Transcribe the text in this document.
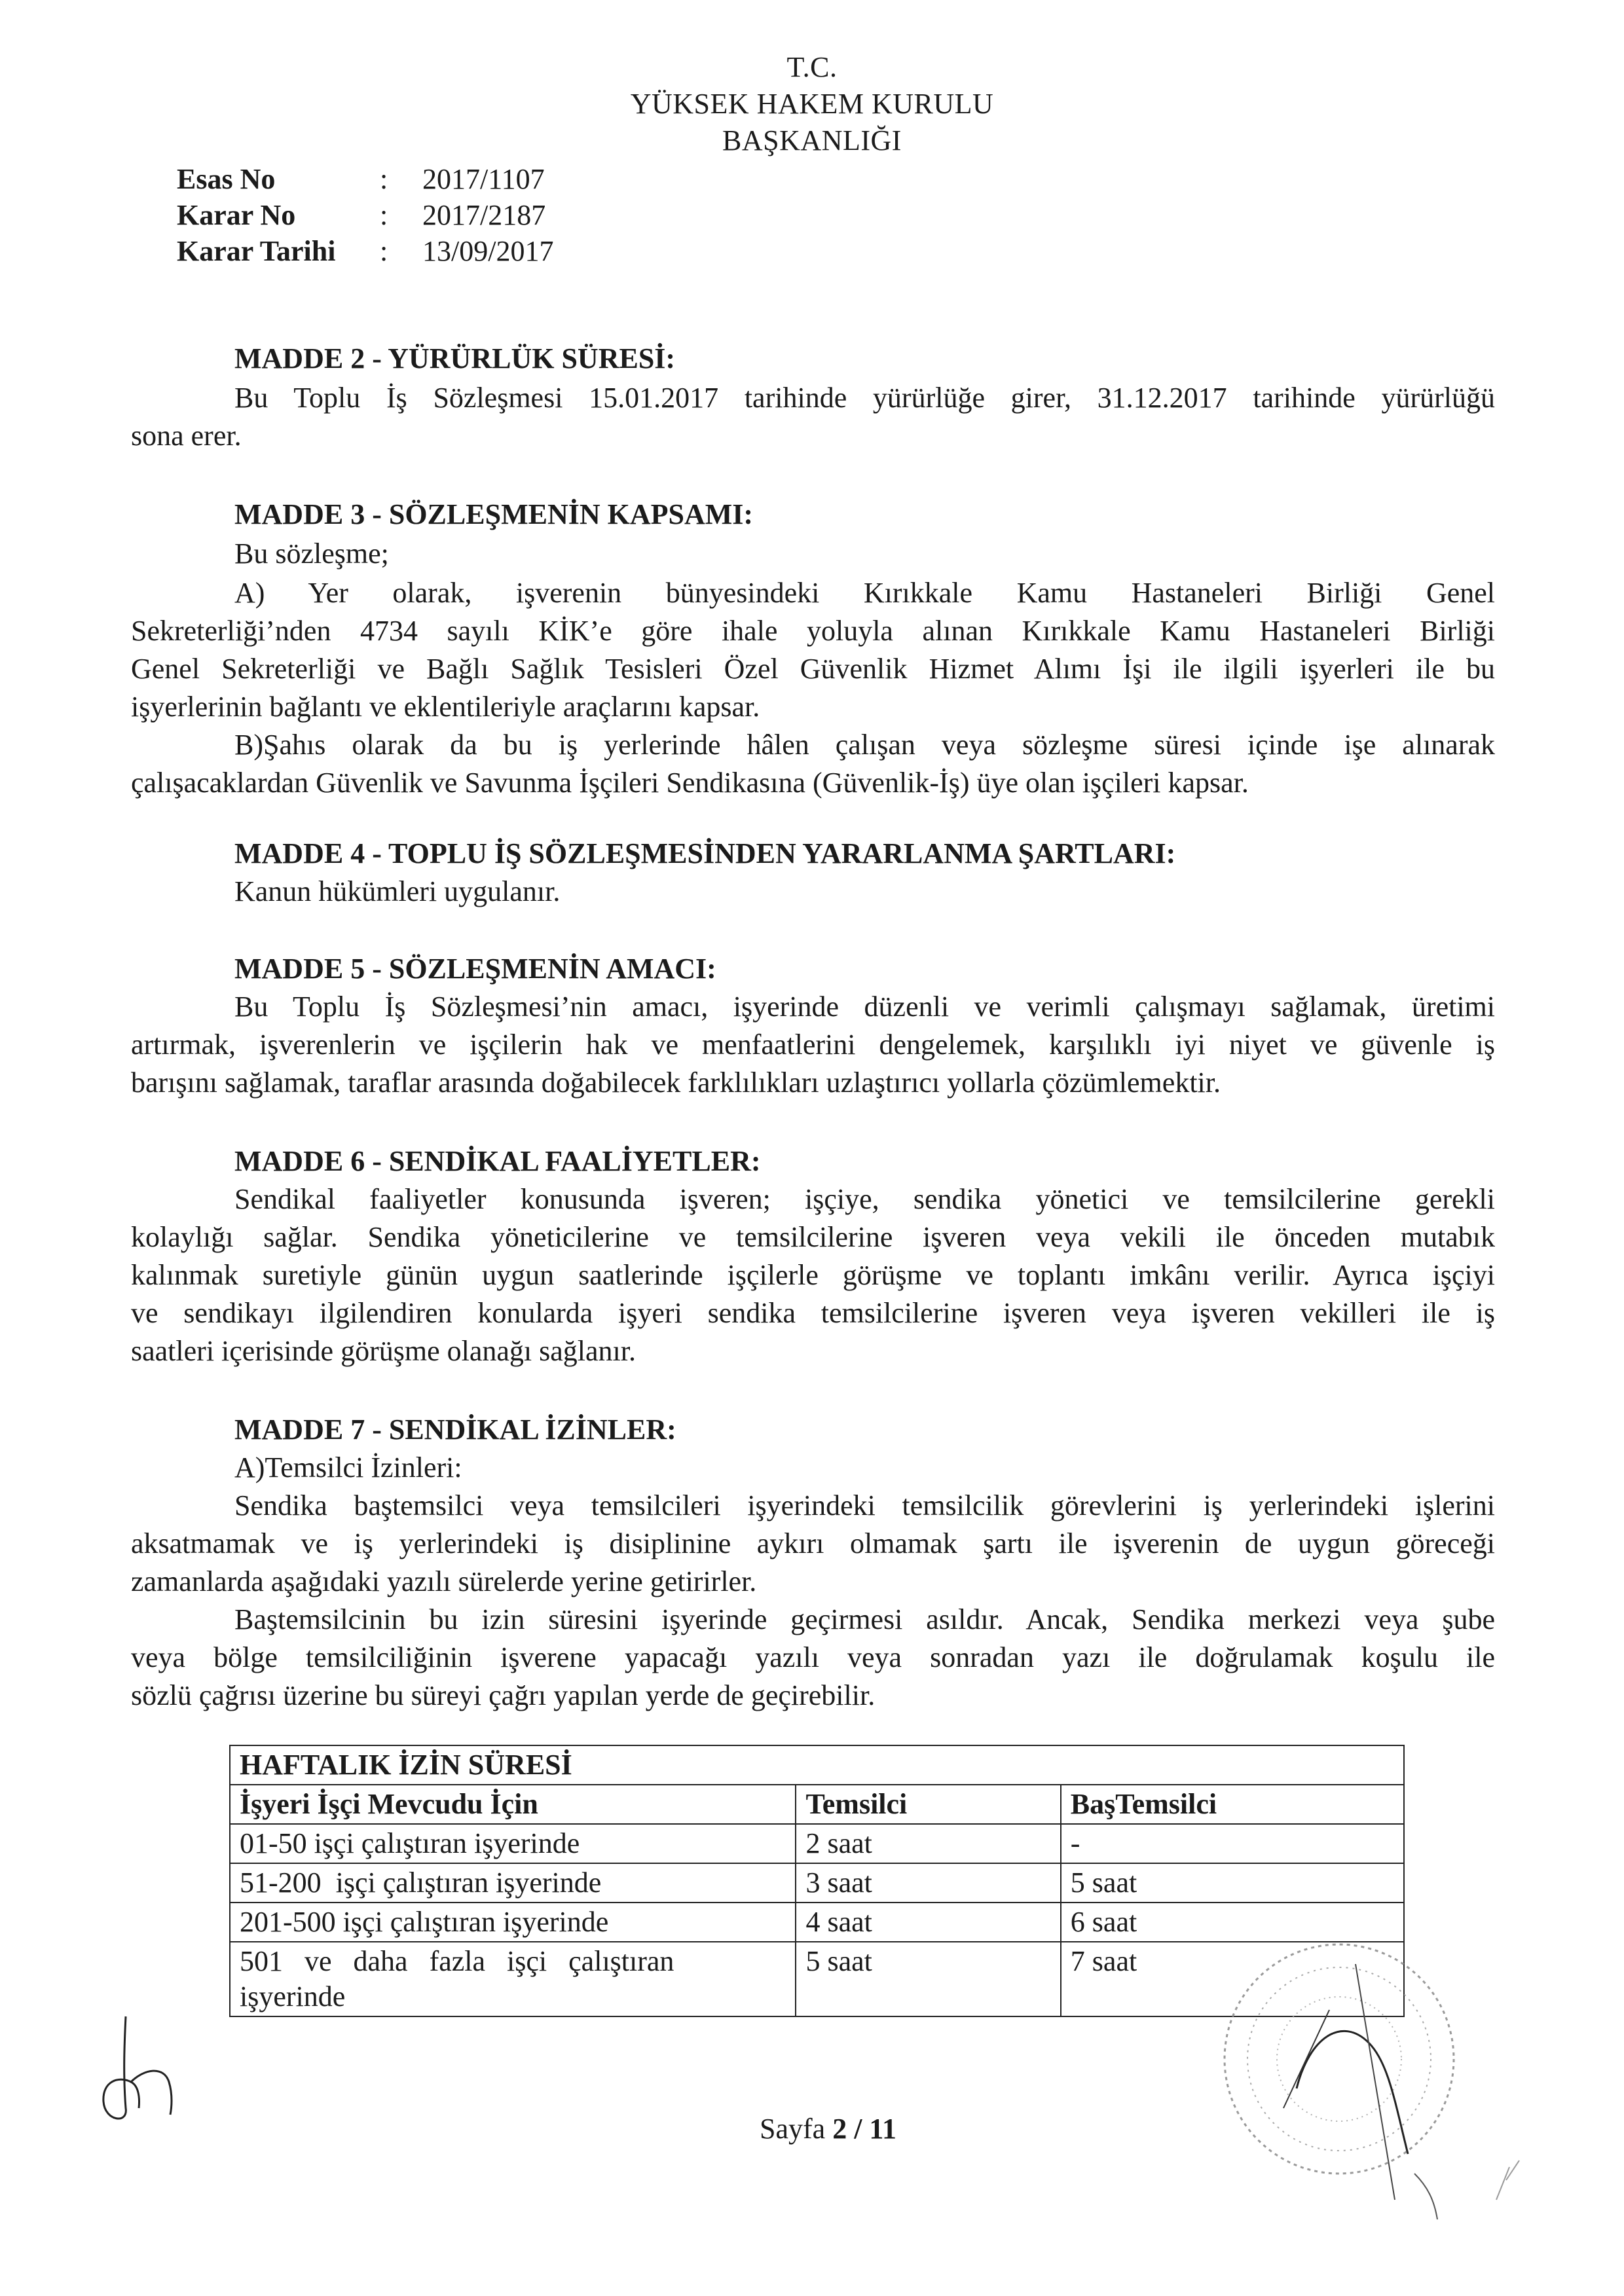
T.C.
YÜKSEK HAKEM KURULU
BAŞKANLIĞI
Esas No	: 2017/1107
Karar No	: 2017/2187
Karar Tarihi : 13/09/2017
MADDE 2 - YÜRÜRLÜK SÜRESİ:
Bu Toplu İş Sözleşmesi 15.01.2017 tarihinde yürürlüğe girer, 31.12.2017 tarihinde yürürlüğü
sona erer.
MADDE 3 - SÖZLEŞMENİN KAPSAMI:
Bu sözleşme;
A) Yer olarak, işverenin bünyesindeki Kırıkkale Kamu Hastaneleri Birliği Genel
Sekreterliği’nden 4734 sayılı KİK’e göre ihale yoluyla alınan Kırıkkale Kamu Hastaneleri Birliği
Genel Sekreterliği ve Bağlı Sağlık Tesisleri Özel Güvenlik Hizmet Alımı İşi ile ilgili işyerleri ile bu
işyerlerinin bağlantı ve eklentileriyle araçlarını kapsar.
B)Şahıs olarak da bu iş yerlerinde hâlen çalışan veya sözleşme süresi içinde işe alınarak
çalışacaklardan Güvenlik ve Savunma İşçileri Sendikasına (Güvenlik-İş) üye olan işçileri kapsar.
MADDE 4 - TOPLU İŞ SÖZLEŞMESİNDEN YARARLANMA ŞARTLARI:
Kanun hükümleri uygulanır.
MADDE 5 - SÖZLEŞMENİN AMACI:
Bu Toplu İş Sözleşmesi’nin amacı, işyerinde düzenli ve verimli çalışmayı sağlamak, üretimi
artırmak, işverenlerin ve işçilerin hak ve menfaatlerini dengelemek, karşılıklı iyi niyet ve güvenle iş
barışını sağlamak, taraflar arasında doğabilecek farklılıkları uzlaştırıcı yollarla çözümlemektir.
MADDE 6 - SENDİKAL FAALİYETLER:
Sendikal faaliyetler konusunda işveren; işçiye, sendika yönetici ve temsilcilerine gerekli
kolaylığı sağlar. Sendika yöneticilerine ve temsilcilerine işveren veya vekili ile önceden mutabık
kalınmak suretiyle günün uygun saatlerinde işçilerle görüşme ve toplantı imkânı verilir. Ayrıca işçiyi
ve sendikayı ilgilendiren konularda işyeri sendika temsilcilerine işveren veya işveren vekilleri ile iş
saatleri içerisinde görüşme olanağı sağlanır.
MADDE 7 - SENDİKAL İZİNLER:
A)Temsilci İzinleri:
Sendika baştemsilci veya temsilcileri işyerindeki temsilcilik görevlerini iş yerlerindeki işlerini
aksatmamak ve iş yerlerindeki iş disiplinine aykırı olmamak şartı ile işverenin de uygun göreceği
zamanlarda aşağıdaki yazılı sürelerde yerine getirirler.
Baştemsilcinin bu izin süresini işyerinde geçirmesi asıldır. Ancak, Sendika merkezi veya şube
veya bölge temsilciliğinin işverene yapacağı yazılı veya sonradan yazı ile doğrulamak koşulu ile
sözlü çağrısı üzerine bu süreyi çağrı yapılan yerde de geçirebilir.
HAFTALIK İZİN SÜRESİ		
İşyeri İşçi Mevcudu İçin	Temsilci	BaşTemsilci
01-50 işçi çalıştıran işyerinde	2 saat	-
51-200  işçi çalıştıran işyerinde	3 saat	5 saat
201-500 işçi çalıştıran işyerinde	4 saat	6 saat

501   ve   daha   fazla   işçi   çalıştıran
işyerinde	5 saat	7 saat
Sayfa 2 / 11
